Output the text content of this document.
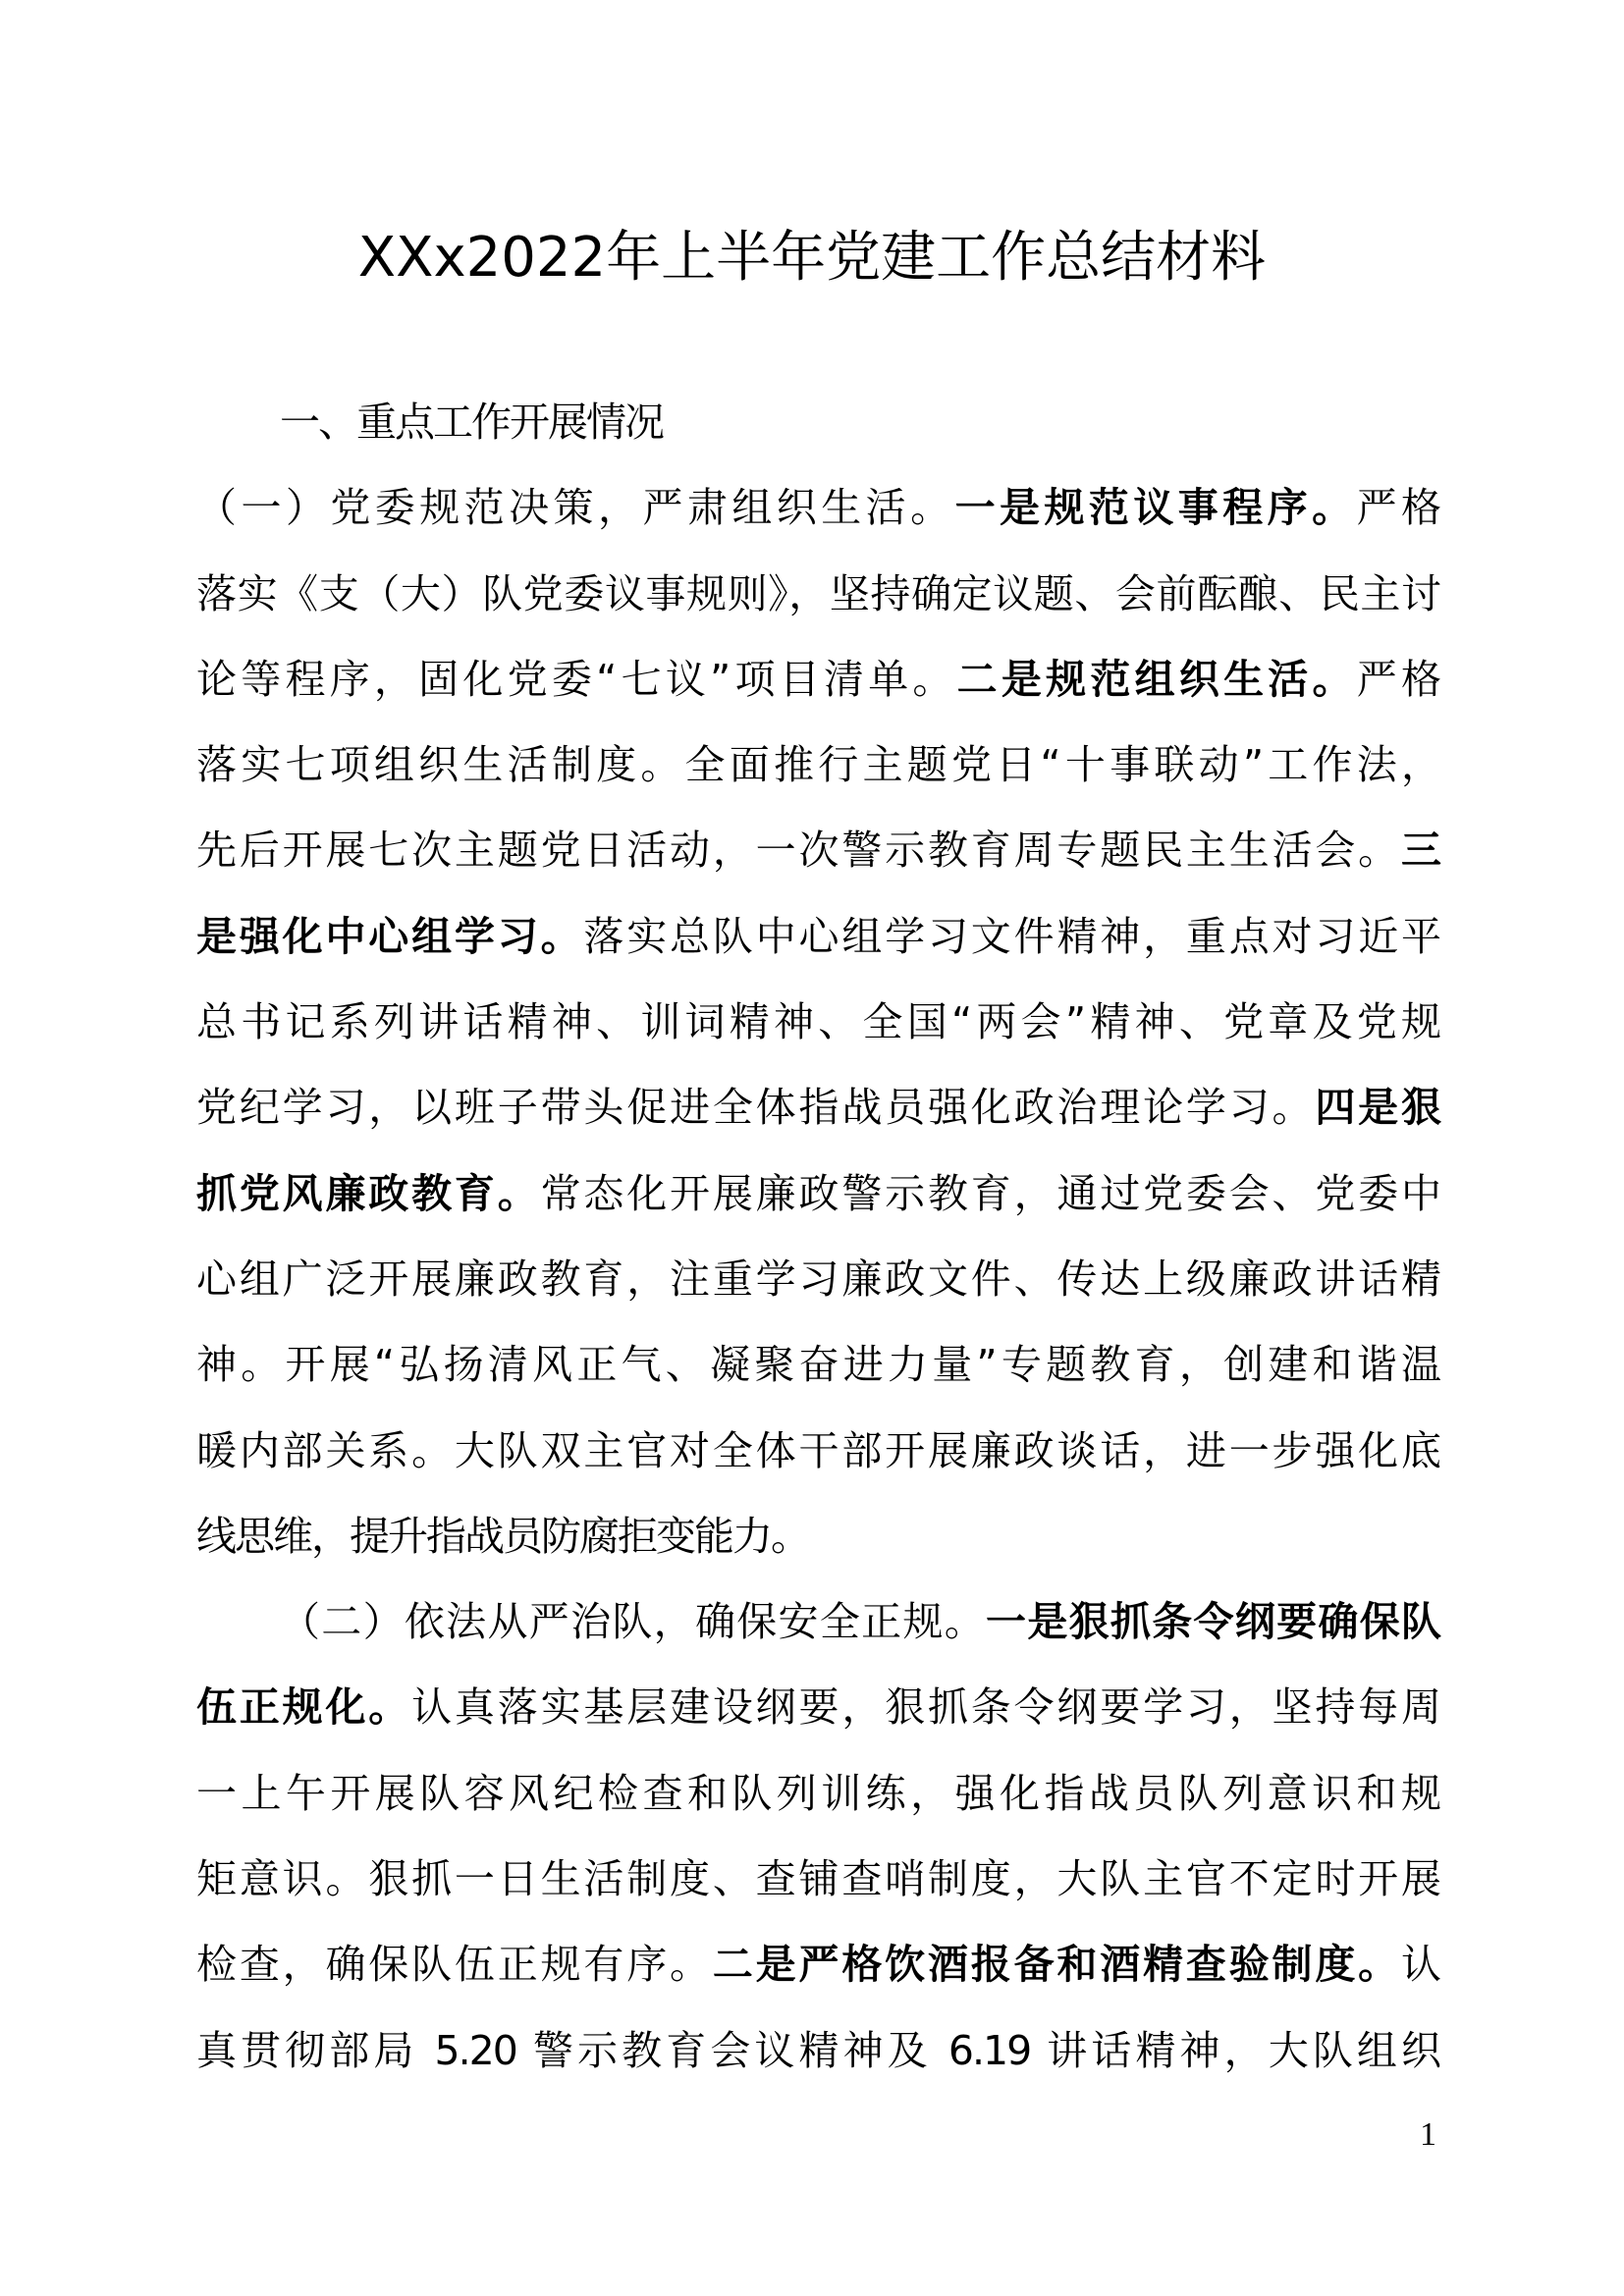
XXx2022年上半年党建工作总结材料
一、重点工作开展情况
（一）党委规范决策，严肃组织生活。一是规范议事程序。严格
落实《支（大）队党委议事规则》，坚持确定议题、会前酝酿、民主讨
论等程序，固化党委“七议”项目清单。二是规范组织生活。严格
落实七项组织生活制度。全面推行主题党日“十事联动”工作法，
先后开展七次主题党日活动，一次警示教育周专题民主生活会。三
是强化中心组学习。落实总队中心组学习文件精神，重点对习近平
总书记系列讲话精神、训词精神、全国“两会”精神、党章及党规
党纪学习，以班子带头促进全体指战员强化政治理论学习。四是狠
抓党风廉政教育。常态化开展廉政警示教育，通过党委会、党委中
心组广泛开展廉政教育，注重学习廉政文件、传达上级廉政讲话精
神。开展“弘扬清风正气、凝聚奋进力量”专题教育，创建和谐温
暖内部关系。大队双主官对全体干部开展廉政谈话，进一步强化底
线思维，提升指战员防腐拒变能力。
（二）依法从严治队，确保安全正规。一是狠抓条令纲要确保队
伍正规化。认真落实基层建设纲要，狠抓条令纲要学习，坚持每周
一上午开展队容风纪检查和队列训练，强化指战员队列意识和规
矩意识。狠抓一日生活制度、查铺查哨制度，大队主官不定时开展
检查，确保队伍正规有序。二是严格饮酒报备和酒精查验制度。认
真贯彻部局 5.20 警示教育会议精神及 6.19 讲话精神，大队组织
1
